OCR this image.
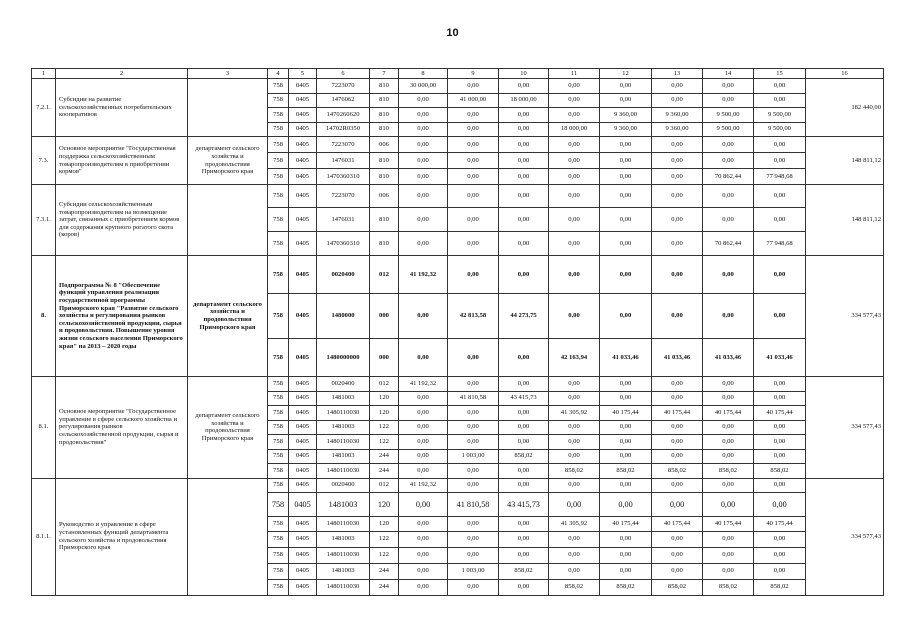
10
1	2	3	4	5	6	7	8	9	10	11	12	13	14	15	16
7.2.1.	Субсидии на развитие сельскохозяйственных потребительских кооперативов		758	0405	7223070	810	30 000,00	0,00	0,00	0,00	0,00	0,00	0,00	0,00	182 440,00
			758	0405	1476062	810	0,00	41 000,00	18 000,00	0,00	0,00	0,00	0,00	0,00	
			758	0405	1470260620	810	0,00	0,00	0,00	0,00	9 360,00	9 360,00	9 500,00	9 500,00	
			758	0405	14702R0350	810	0,00	0,00	0,00	18 000,00	9 360,00	9 360,00	9 500,00	9 500,00	
7.3.	Основное мероприятие "Государственная поддержка сельскохозяйственным товаропроизводителям в приобретении кормов"	департамент сельского хозяйства и продовольствия Приморского края	758	0405	7223070	006	0,00	0,00	0,00	0,00	0,00	0,00	0,00	0,00	148 811,12
			758	0405	1476031	810	0,00	0,00	0,00	0,00	0,00	0,00	0,00	0,00	
			758	0405	1470360310	810	0,00	0,00	0,00	0,00	0,00	0,00	70 862,44	77 948,68	
7.3.1.	Субсидии сельскохозяйственным товаропроизводителям на возмещение затрат, связанных с приобретением кормов для содержания крупного рогатого скота (коров)		758	0405	7223070	006	0,00	0,00	0,00	0,00	0,00	0,00	0,00	0,00	148 811,12
			758	0405	1476031	810	0,00	0,00	0,00	0,00	0,00	0,00	0,00	0,00	
			758	0405	1470360310	810	0,00	0,00	0,00	0,00	0,00	0,00	70 862,44	77 948,68	
8.	Подпрограмма № 8 "Обеспечение функций управления реализации государственной программы Приморского края "Развитие сельского хозяйства и регулирования рынков сельскохозяйственной продукции, сырья и продовольствия. Повышение уровня жизни сельского населения Приморского края" на 2013 – 2020 годы	департамент сельского хозяйства и продовольствия Приморского края	758	0405	0020400	012	41 192,32	0,00	0,00	0,00	0,00	0,00	0,00	0,00	334 577,43
			758	0405	1480000	000	0,00	42 813,58	44 273,75	0,00	0,00	0,00	0,00	0,00	
			758	0405	1480000000	000	0,00	0,00	0,00	42 163,94	41 033,46	41 033,46	41 033,46	41 033,46	
8.1.	Основное мероприятие "Государственное управление в сфере сельского хозяйства и регулирования рынков сельскохозяйственной продукции, сырья и продовольствия"	департамент сельского хозяйства и продовольствия Приморского края	758	0405	0020400	012	41 192,32	0,00	0,00	0,00	0,00	0,00	0,00	0,00	334 577,43
			758	0405	1481003	120	0,00	41 810,58	43 415,73	0,00	0,00	0,00	0,00	0,00	
			758	0405	1480110030	120	0,00	0,00	0,00	41 305,92	40 175,44	40 175,44	40 175,44	40 175,44	
			758	0405	1481003	122	0,00	0,00	0,00	0,00	0,00	0,00	0,00	0,00	
			758	0405	1480110030	122	0,00	0,00	0,00	0,00	0,00	0,00	0,00	0,00	
			758	0405	1481003	244	0,00	1 003,00	858,02	0,00	0,00	0,00	0,00	0,00	
			758	0405	1480110030	244	0,00	0,00	0,00	858,02	858,02	858,02	858,02	858,02	
8.1.1.	Руководство и управление в сфере установленных функций департамента сельского хозяйства и продовольствия Приморского края		758	0405	0020400	012	41 192,32	0,00	0,00	0,00	0,00	0,00	0,00	0,00	334 577,43
			758	0405	1481003	120	0,00	41 810,58	43 415,73	0,00	0,00	0,00	0,00	0,00	
			758	0405	1480110030	120	0,00	0,00	0,00	41 305,92	40 175,44	40 175,44	40 175,44	40 175,44	
			758	0405	1481003	122	0,00	0,00	0,00	0,00	0,00	0,00	0,00	0,00	
			758	0405	1480110030	122	0,00	0,00	0,00	0,00	0,00	0,00	0,00	0,00	
			758	0405	1481003	244	0,00	1 003,00	858,02	0,00	0,00	0,00	0,00	0,00	
			758	0405	1480110030	244	0,00	0,00	0,00	858,02	858,02	858,02	858,02	858,02	
